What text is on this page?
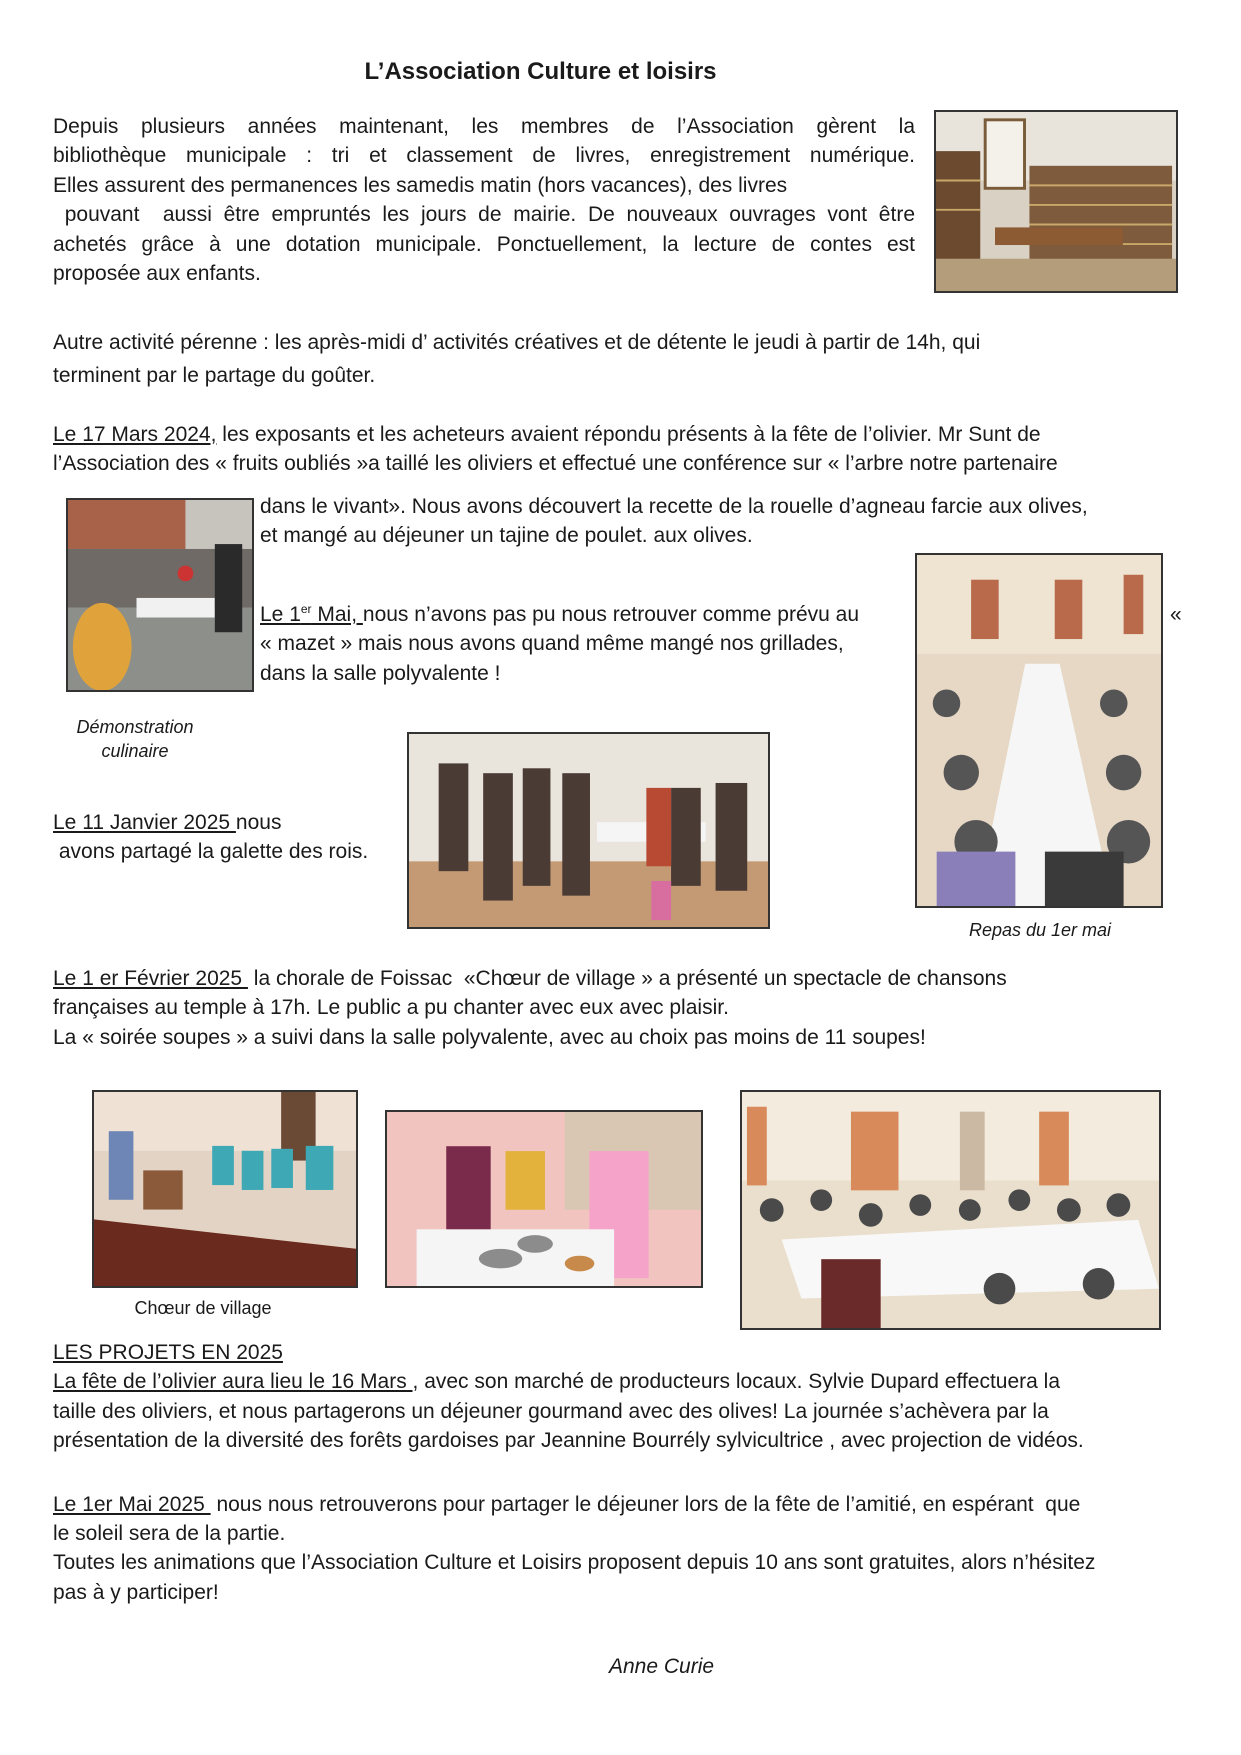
L’Association Culture et loisirs

Depuis plusieurs années maintenant, les membres de l’Association gèrent la

bibliothèque municipale : tri et classement de livres, enregistrement numérique.

Elles assurent des permanences les samedis matin (hors vacances), des livres

pouvant  aussi être empruntés les jours de mairie. De nouveaux ouvrages vont être

achetés grâce à une dotation municipale. Ponctuellement, la lecture de contes est

proposée aux enfants.

Autre activité pérenne : les après-midi d’ activités créatives et de détente le jeudi à partir de 14h, qui

terminent par le partage du goûter.

Le 17 Mars 2024, les exposants et les acheteurs avaient répondu présents à la fête de l’olivier. Mr Sunt de

l’Association des « fruits oubliés »a taillé les oliviers et effectué une conférence sur « l’arbre notre partenaire

dans le vivant». Nous avons découvert la recette de la rouelle d’agneau farcie aux olives,

et mangé au déjeuner un tajine de poulet. aux olives.

Démonstration
culinaire

Le 1er Mai, nous n’avons pas pu nous retrouver comme prévu au

« mazet » mais nous avons quand même mangé nos grillades,

dans la salle polyvalente !

«
Repas du 1er mai

Le 11 Janvier 2025 nous

avons partagé la galette des rois.

Le 1 er Février 2025  la chorale de Foissac  «Chœur de village » a présenté un spectacle de chansons

françaises au temple à 17h. Le public a pu chanter avec eux avec plaisir.

La « soirée soupes » a suivi dans la salle polyvalente, avec au choix pas moins de 11 soupes!

Chœur de village

LES PROJETS EN 2025

La fête de l’olivier aura lieu le 16 Mars , avec son marché de producteurs locaux. Sylvie Dupard effectuera la

taille des oliviers, et nous partagerons un déjeuner gourmand avec des olives! La journée s’achèvera par la

présentation de la diversité des forêts gardoises par Jeannine Bourrély sylvicultrice , avec projection de vidéos.

Le 1er Mai 2025  nous nous retrouverons pour partager le déjeuner lors de la fête de l’amitié, en espérant  que

le soleil sera de la partie.

Toutes les animations que l’Association Culture et Loisirs proposent depuis 10 ans sont gratuites, alors n’hésitez

pas à y participer!

Anne Curie
